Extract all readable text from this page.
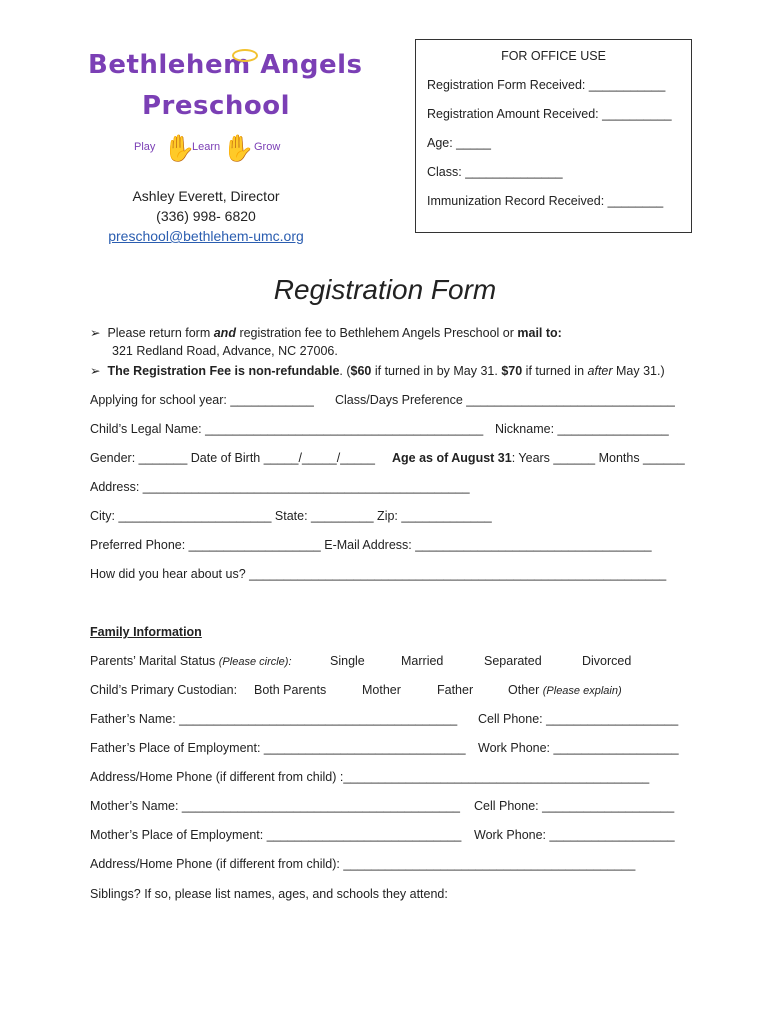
Bethlehem Angels
Preschool
Play ✋
Learn ✋ Grow
Ashley Everett, Director
(336) 998- 6820
preschool@bethlehem-umc.org
FOR OFFICE USE
Registration Form Received: ___________
Registration Amount Received: __________
Age: _____
Class: ______________
Immunization Record Received: ________
Registration Form
➢ Please return form and registration fee to Bethlehem Angels Preschool or mail to:
321 Redland Road, Advance, NC 27006.
➢ The Registration Fee is non-refundable. ($60 if turned in by May 31. $70 if turned in after May 31.)
Applying for school year: ____________ Class/Days Preference ______________________________
Child’s Legal Name: ________________________________________ Nickname: ________________
Gender: _______ Date of Birth _____/_____/_____ Age as of August 31: Years ______ Months ______
Address: _______________________________________________
City: ______________________ State: _________ Zip: _____________
Preferred Phone: ___________________ E-Mail Address: __________________________________
How did you hear about us? ____________________________________________________________
Family Information
Parents’ Marital Status (Please circle):	Single	Married	Separated	Divorced
Child’s Primary Custodian: Both Parents	Mother	Father	Other (Please explain)
Father’s Name: ________________________________________ Cell Phone: ___________________
Father’s Place of Employment: _____________________________ Work Phone: __________________
Address/Home Phone (if different from child) :____________________________________________
Mother’s Name: ________________________________________ Cell Phone: ___________________
Mother’s Place of Employment: ____________________________ Work Phone: __________________
Address/Home Phone (if different from child): __________________________________________
Siblings? If so, please list names, ages, and schools they attend:
